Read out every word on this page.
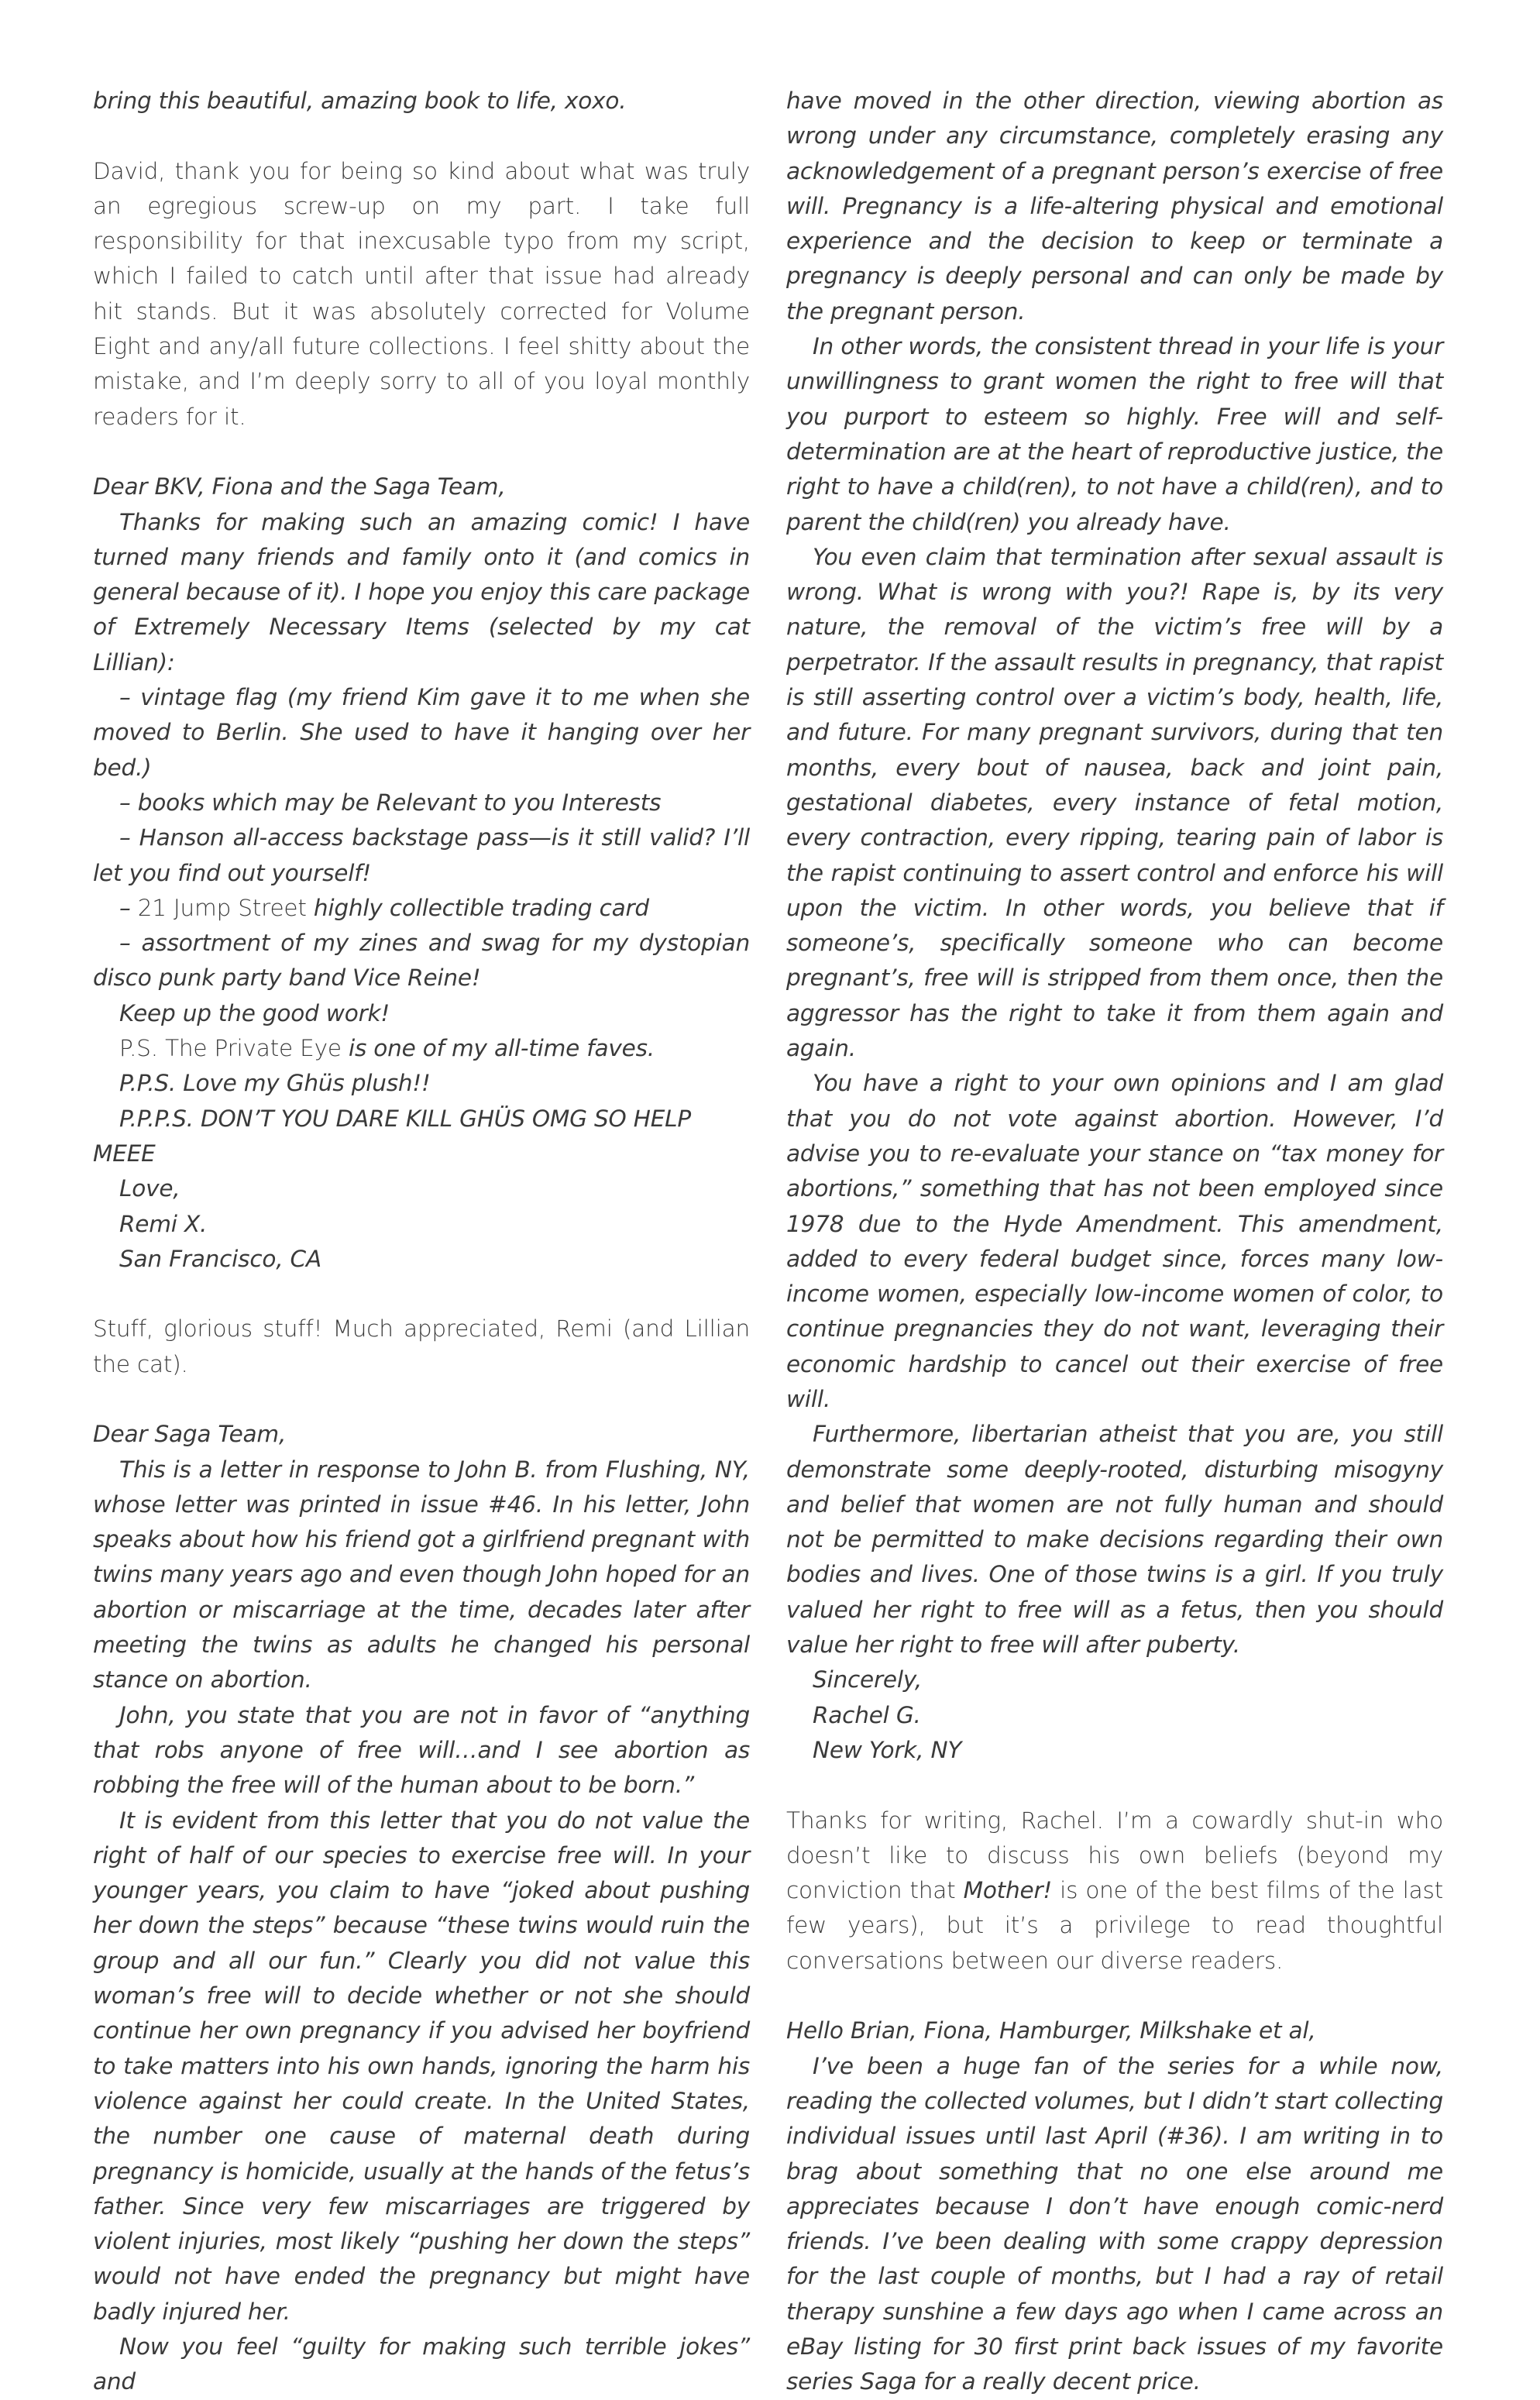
bring this beautiful, amazing book to life, xoxo.

David, thank you for being so kind about what was truly an egregious screw-up on my part. I take full responsibility for that inexcusable typo from my script, which I failed to catch until after that issue had already hit stands. But it was absolutely corrected for Volume Eight and any/all future collections. I feel shitty about the mistake, and I’m deeply sorry to all of you loyal monthly readers for it.

Dear BKV, Fiona and the Saga Team,

Thanks for making such an amazing comic! I have turned many friends and family onto it (and comics in general because of it). I hope you enjoy this care package of Extremely Necessary Items (selected by my cat Lillian):

– vintage flag (my friend Kim gave it to me when she moved to Berlin. She used to have it hanging over her bed.)

– books which may be Relevant to you Interests

– Hanson all-access backstage pass—is it still valid? I’ll let you find out yourself!

– 21 Jump Street highly collectible trading card

– assortment of my zines and swag for my dystopian disco punk party band Vice Reine!

Keep up the good work!

P.S. The Private Eye is one of my all-time faves.

P.P.S. Love my Ghüs plush!!

P.P.P.S. DON’T YOU DARE KILL GHÜS OMG SO HELP MEEE

Love,

Remi X.

San Francisco, CA

Stuff, glorious stuff! Much appreciated, Remi (and Lillian the cat).

Dear Saga Team,

This is a letter in response to John B. from Flushing, NY, whose letter was printed in issue #46. In his letter, John speaks about how his friend got a girlfriend pregnant with twins many years ago and even though John hoped for an abortion or miscarriage at the time, decades later after meeting the twins as adults he changed his personal stance on abortion.

John, you state that you are not in favor of “anything that robs anyone of free will…and I see abortion as robbing the free will of the human about to be born.”

It is evident from this letter that you do not value the right of half of our species to exercise free will. In your younger years, you claim to have “joked about pushing her down the steps” because “these twins would ruin the group and all our fun.” Clearly you did not value this woman’s free will to decide whether or not she should continue her own pregnancy if you advised her boyfriend to take matters into his own hands, ignoring the harm his violence against her could create. In the United States, the number one cause of maternal death during pregnancy is homicide, usually at the hands of the fetus’s father. Since very few miscarriages are triggered by violent injuries, most likely “pushing her down the steps” would not have ended the pregnancy but might have badly injured her.

Now you feel “guilty for making such terrible jokes” and

have moved in the other direction, viewing abortion as wrong under any circumstance, completely erasing any acknowledgement of a pregnant person’s exercise of free will. Pregnancy is a life-altering physical and emotional experience and the decision to keep or terminate a pregnancy is deeply personal and can only be made by the pregnant person.

In other words, the consistent thread in your life is your unwillingness to grant women the right to free will that you purport to esteem so highly. Free will and self-determination are at the heart of reproductive justice, the right to have a child(ren), to not have a child(ren), and to parent the child(ren) you already have.

You even claim that termination after sexual assault is wrong. What is wrong with you?! Rape is, by its very nature, the removal of the victim’s free will by a perpetrator. If the assault results in pregnancy, that rapist is still asserting control over a victim’s body, health, life, and future. For many pregnant survivors, during that ten months, every bout of nausea, back and joint pain, gestational diabetes, every instance of fetal motion, every contraction, every ripping, tearing pain of labor is the rapist continuing to assert control and enforce his will upon the victim. In other words, you believe that if someone’s, specifically someone who can become pregnant’s, free will is stripped from them once, then the aggressor has the right to take it from them again and again.

You have a right to your own opinions and I am glad that you do not vote against abortion. However, I’d advise you to re-evaluate your stance on “tax money for abortions,” something that has not been employed since 1978 due to the Hyde Amendment. This amendment, added to every federal budget since, forces many low-income women, especially low-income women of color, to continue pregnancies they do not want, leveraging their economic hardship to cancel out their exercise of free will.

Furthermore, libertarian atheist that you are, you still demonstrate some deeply-rooted, disturbing misogyny and belief that women are not fully human and should not be permitted to make decisions regarding their own bodies and lives. One of those twins is a girl. If you truly valued her right to free will as a fetus, then you should value her right to free will after puberty.

Sincerely,

Rachel G.

New York, NY

Thanks for writing, Rachel. I’m a cowardly shut-in who doesn’t like to discuss his own beliefs (beyond my conviction that Mother! is one of the best films of the last few years), but it’s a privilege to read thoughtful conversations between our diverse readers.

Hello Brian, Fiona, Hamburger, Milkshake et al,

I’ve been a huge fan of the series for a while now, reading the collected volumes, but I didn’t start collecting individual issues until last April (#36). I am writing in to brag about something that no one else around me appreciates because I don’t have enough comic-nerd friends. I’ve been dealing with some crappy depression for the last couple of months, but I had a ray of retail therapy sunshine a few days ago when I came across an eBay listing for 30 first print back issues of my favorite series Saga for a really decent price.
